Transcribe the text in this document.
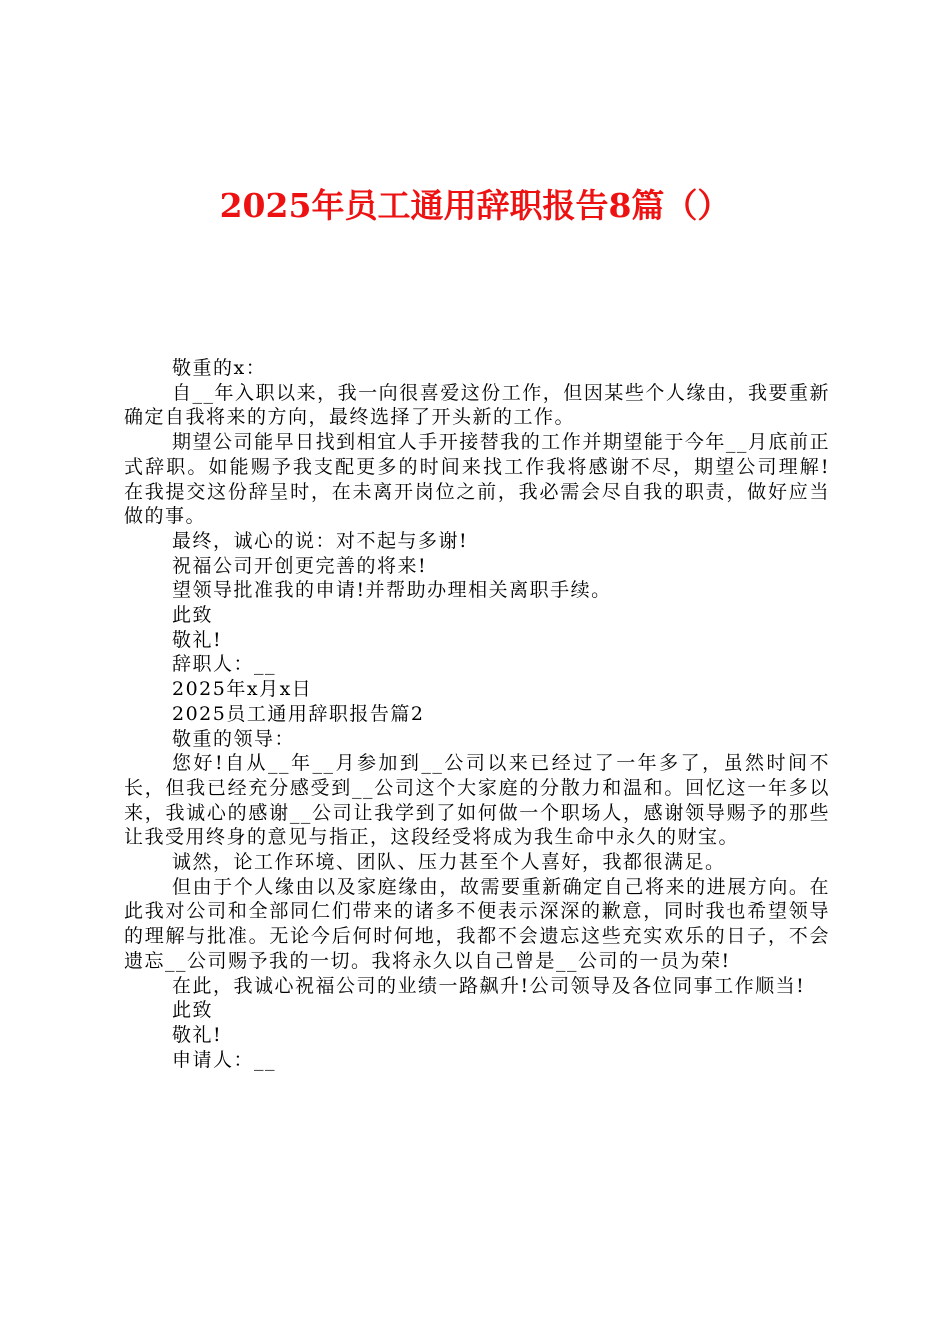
2025年员工通用辞职报告8篇（）

敬重的x：

自__年入职以来，我一向很喜爱这份工作，但因某些个人缘由，我要重新确定自我将来的方向，最终选择了开头新的工作。

期望公司能早日找到相宜人手开接替我的工作并期望能于今年__月底前正式辞职。如能赐予我支配更多的时间来找工作我将感谢不尽，期望公司理解!在我提交这份辞呈时，在未离开岗位之前，我必需会尽自我的职责，做好应当做的事。

最终，诚心的说：对不起与多谢!

祝福公司开创更完善的将来!

望领导批准我的申请!并帮助办理相关离职手续。

此致

敬礼!

辞职人：__

2025年x月x日

2025员工通用辞职报告篇2

敬重的领导：

您好!自从__年__月参加到__公司以来已经过了一年多了，虽然时间不长，但我已经充分感受到__公司这个大家庭的分散力和温和。回忆这一年多以来，我诚心的感谢__公司让我学到了如何做一个职场人，感谢领导赐予的那些让我受用终身的意见与指正，这段经受将成为我生命中永久的财宝。

诚然，论工作环境、团队、压力甚至个人喜好，我都很满足。

但由于个人缘由以及家庭缘由，故需要重新确定自己将来的进展方向。在此我对公司和全部同仁们带来的诸多不便表示深深的歉意，同时我也希望领导的理解与批准。无论今后何时何地，我都不会遗忘这些充实欢乐的日子，不会遗忘__公司赐予我的一切。我将永久以自己曾是__公司的一员为荣!

在此，我诚心祝福公司的业绩一路飙升!公司领导及各位同事工作顺当!

此致

敬礼!

申请人：__
